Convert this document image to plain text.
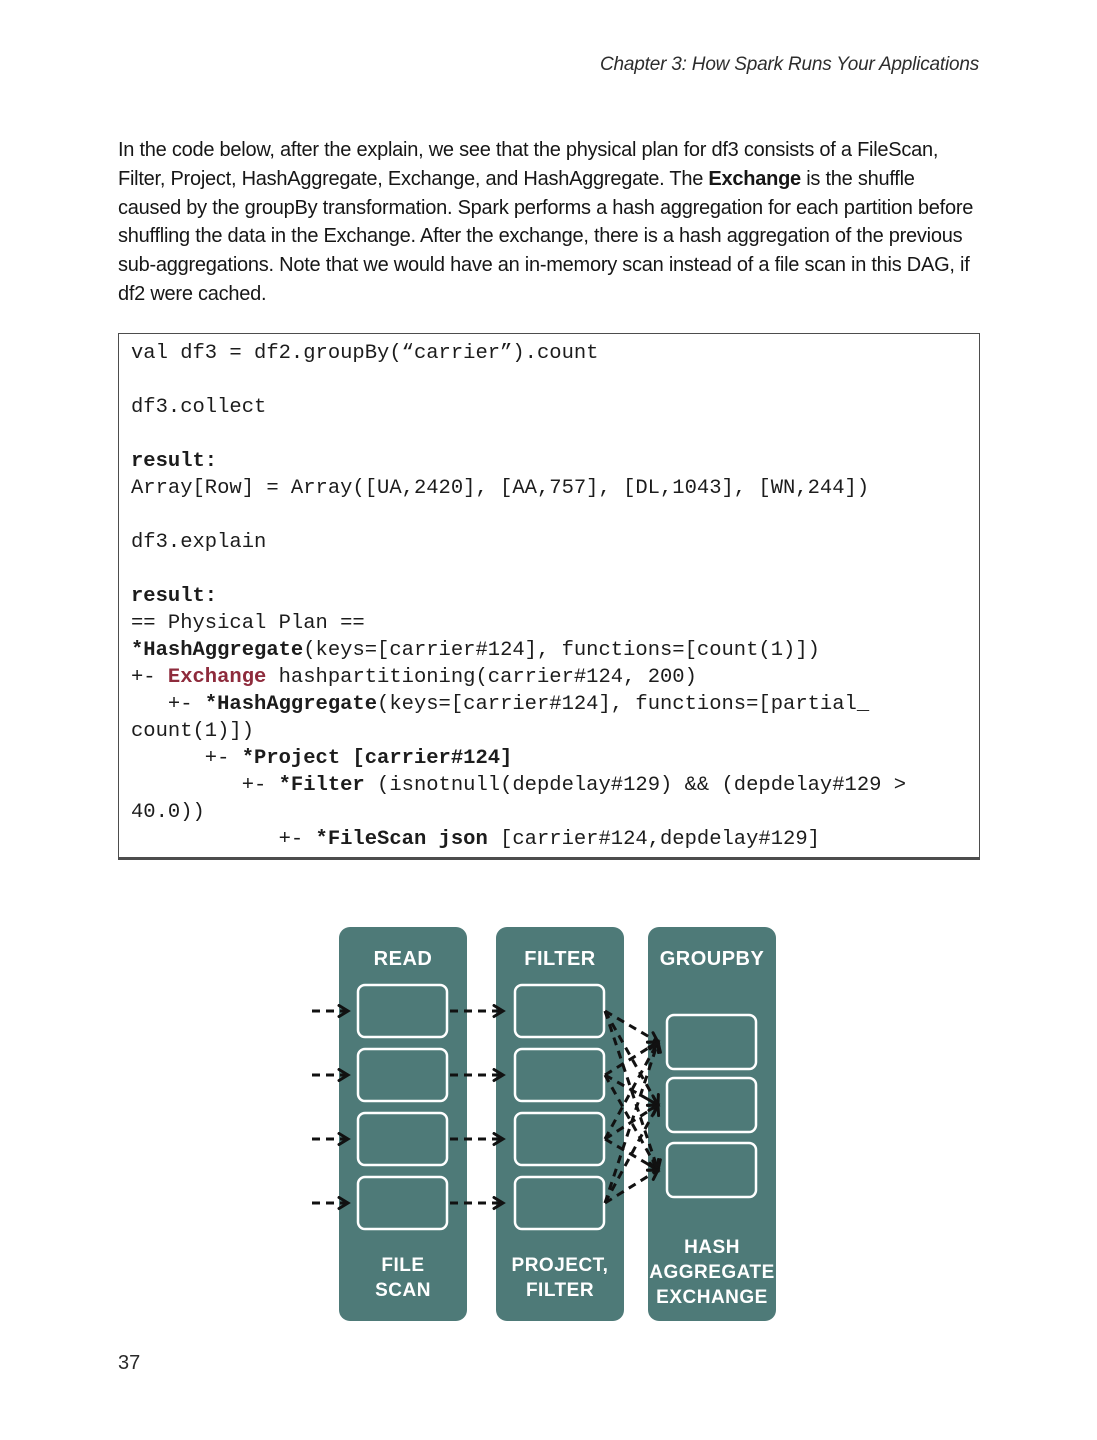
Chapter 3: How Spark Runs Your Applications

In the code below, after the explain, we see that the physical plan for df3 consists of a FileScan, Filter, Project, HashAggregate, Exchange, and HashAggregate. The Exchange is the shuffle caused by the groupBy transformation. Spark performs a hash aggregation for each partition before shuffling the data in the Exchange. After the exchange, there is a hash aggregation of the previous sub-aggregations. Note that we would have an in-memory scan instead of a file scan in this DAG, if df2 were cached.

val df3 = df2.groupBy(“carrier”).count
df3.collect
result:
Array[Row] = Array([UA,2420], [AA,757], [DL,1043], [WN,244])
df3.explain
result:
== Physical Plan ==
*HashAggregate(keys=[carrier#124], functions=[count(1)])
+- Exchange hashpartitioning(carrier#124, 200)
+- *HashAggregate(keys=[carrier#124], functions=[partial_
count(1)])
+- *Project [carrier#124]
+- *Filter (isnotnull(depdelay#129) && (depdelay#129 >
40.0))
+- *FileScan json [carrier#124,depdelay#129]
READ
FILE
SCAN
FILTER
PROJECT,
FILTER
GROUPBY
HASH
AGGREGATE
EXCHANGE
37
